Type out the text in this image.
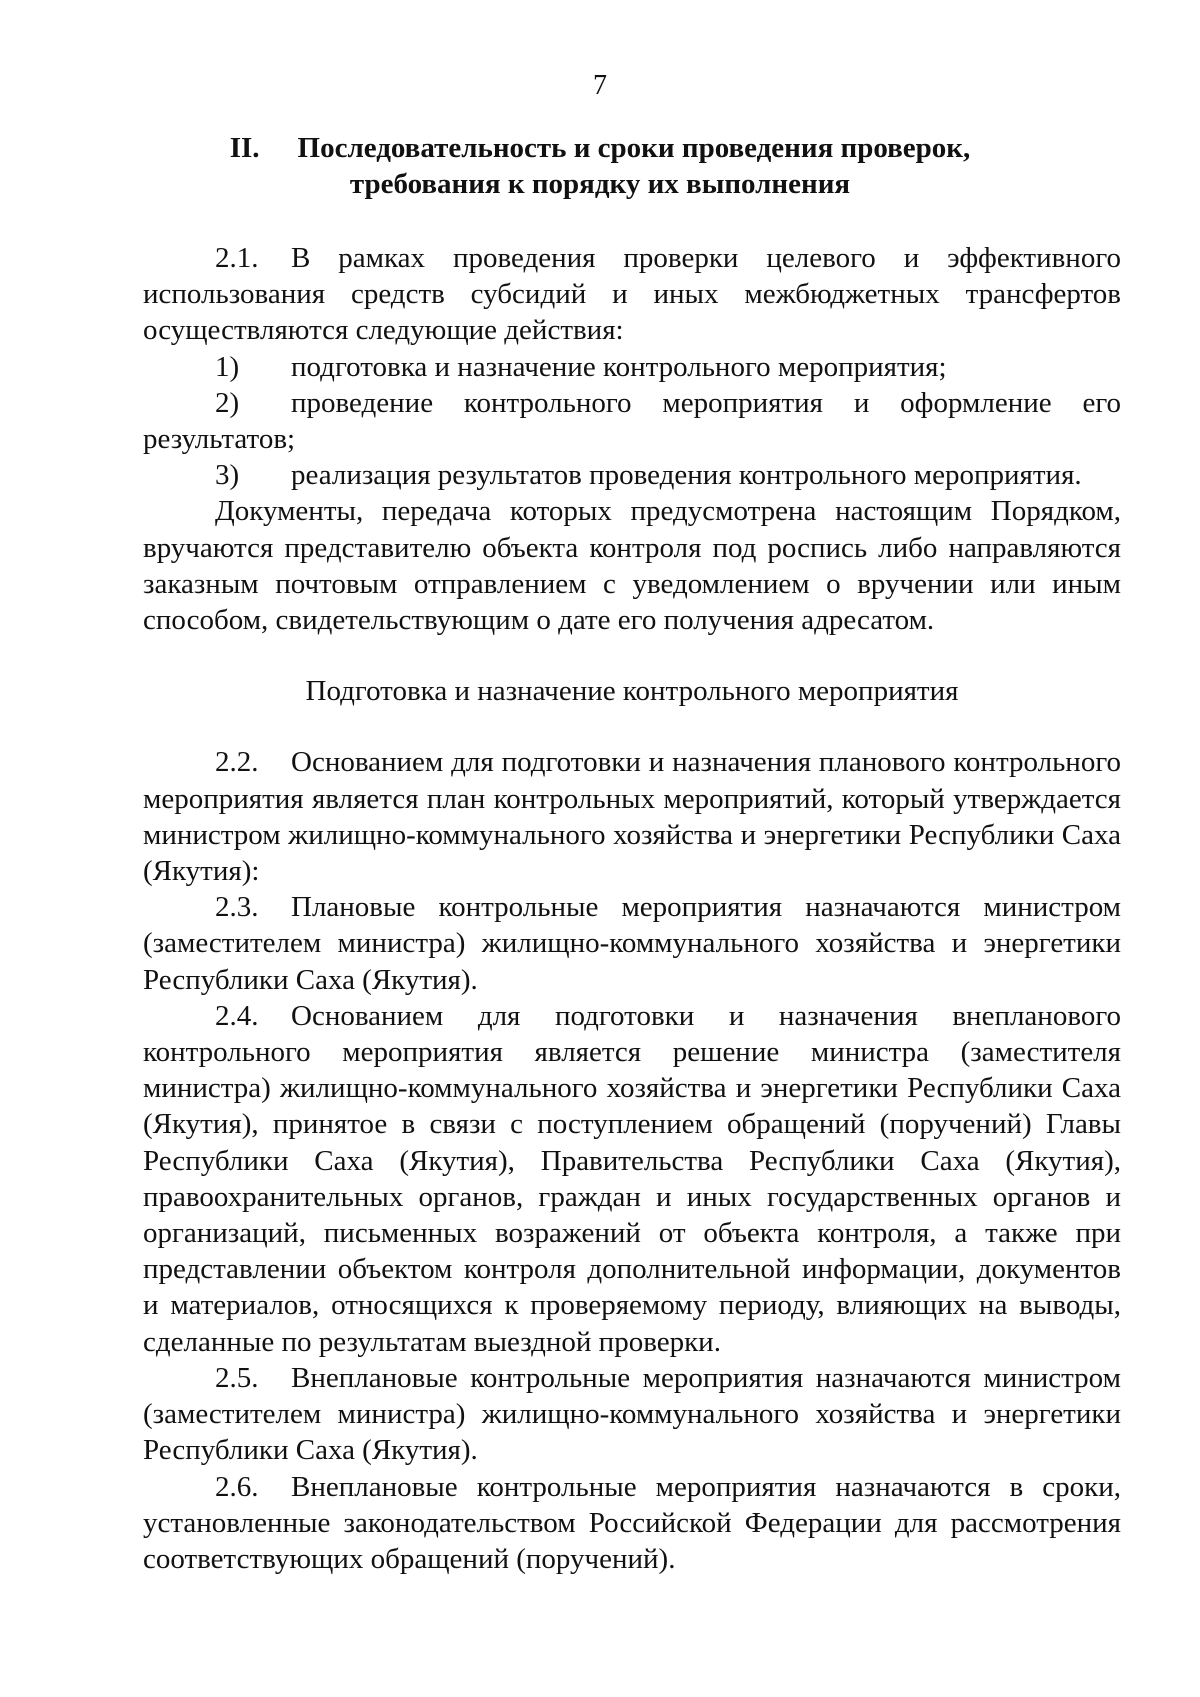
7
II. Последовательность и сроки проведения проверок,
требования к порядку их выполнения

2.1. В рамках проведения проверки целевого и эффективного использования средств субсидий и иных межбюджетных трансфертов осуществляются следующие действия:

1) подготовка и назначение контрольного мероприятия;

2) проведение контрольного мероприятия и оформление его результатов;

3) реализация результатов проведения контрольного мероприятия.

Документы, передача которых предусмотрена настоящим Порядком, вручаются представителю объекта контроля под роспись либо направляются заказным почтовым отправлением с уведомлением о вручении или иным способом, свидетельствующим о дате его получения адресатом.

Подготовка и назначение контрольного мероприятия

2.2. Основанием для подготовки и назначения планового контрольного мероприятия является план контрольных мероприятий, который утверждается министром жилищно-коммунального хозяйства и энергетики Республики Саха (Якутия):

2.3. Плановые контрольные мероприятия назначаются министром (заместителем министра) жилищно-коммунального хозяйства и энергетики Республики Саха (Якутия).

2.4. Основанием для подготовки и назначения внепланового контрольного мероприятия является решение министра (заместителя министра) жилищно-коммунального хозяйства и энергетики Республики Саха (Якутия), принятое в связи с поступлением обращений (поручений) Главы Республики Саха (Якутия), Правительства Республики Саха (Якутия), правоохранительных органов, граждан и иных государственных органов и организаций, письменных возражений от объекта контроля, а также при представлении объектом контроля дополнительной информации, документов и материалов, относящихся к проверяемому периоду, влияющих на выводы, сделанные по результатам выездной проверки.

2.5. Внеплановые контрольные мероприятия назначаются министром (заместителем министра) жилищно-коммунального хозяйства и энергетики Республики Саха (Якутия).

2.6. Внеплановые контрольные мероприятия назначаются в сроки, установленные законодательством Российской Федерации для рассмотрения соответствующих обращений (поручений).
